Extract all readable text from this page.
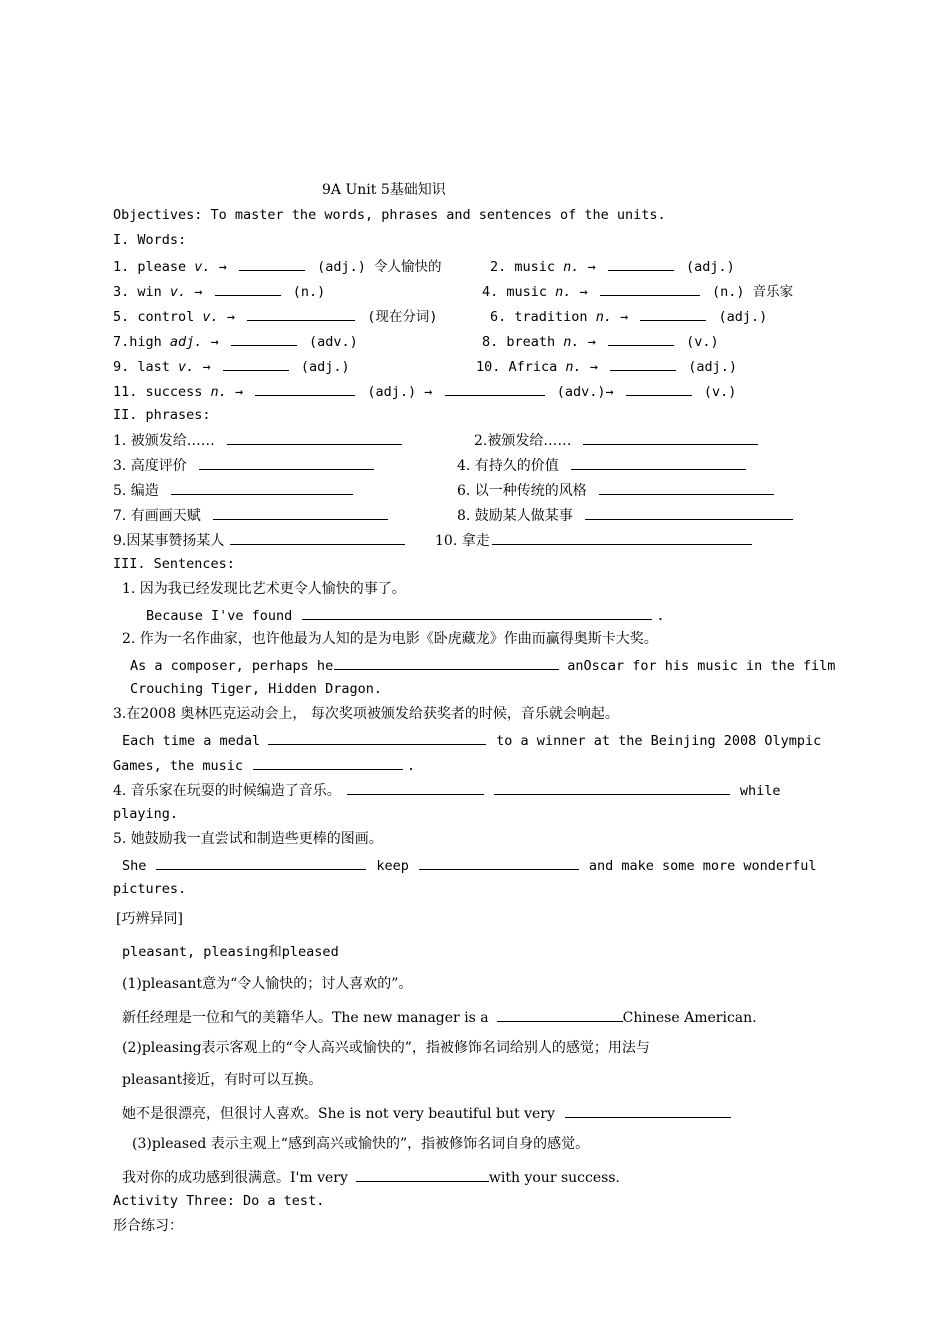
9A Unit 5基础知识
Objectives: To master the words, phrases and sentences of the units.
I. Words:
1. please v. →	(adj.) 令人愉快的	2. music n. →	(adj.)
3. win v. →	(n.)	4. music n. →	(n.) 音乐家
5. control v. →	(现在分词)	6. tradition n. →	(adj.)
7.high adj. →	(adv.)	8. breath n. →	(v.)
9. last v. →	(adj.)	10. Africa n. →	(adj.)
11. success n. →	(adj.) →	(adv.)→	(v.)
II. phrases:
1. 被颁发给……	2.被颁发给……
3. 高度评价	4. 有持久的价值
5. 编造	6. 以一种传统的风格
7. 有画画天赋	8. 鼓励某人做某事
9.因某事赞扬某人	10. 拿走
III. Sentences:
1. 因为我已经发现比艺术更令人愉快的事了。
Because I've found	.
2. 作为一名作曲家，也许他最为人知的是为电影《卧虎藏龙》作曲而赢得奥斯卡大奖。
As a composer, perhaps he	anOscar for his music in the film
Crouching Tiger, Hidden Dragon.
3.在2008 奥林匹克运动会上， 每次奖项被颁发给获奖者的时候，音乐就会响起。
Each time a medal	to a winner at the Beinjing 2008 Olympic
Games, the music	.
4. 音乐家在玩耍的时候编造了音乐。	while
playing.
5. 她鼓励我一直尝试和制造些更棒的图画。
She	keep	and make some more wonderful
pictures.
[巧辨异同]
pleasant, pleasing和pleased
(1)pleasant意为“令人愉快的；讨人喜欢的”。
新任经理是一位和气的美籍华人。The new manager is a	Chinese American.
(2)pleasing表示客观上的“令人高兴或愉快的”，指被修饰名词给别人的感觉；用法与
pleasant接近，有时可以互换。
她不是很漂亮，但很讨人喜欢。She is not very beautiful but very
(3)pleased 表示主观上“感到高兴或愉快的”，指被修饰名词自身的感觉。
我对你的成功感到很满意。I'm very	with your success.
Activity Three: Do a test.
形合练习：
